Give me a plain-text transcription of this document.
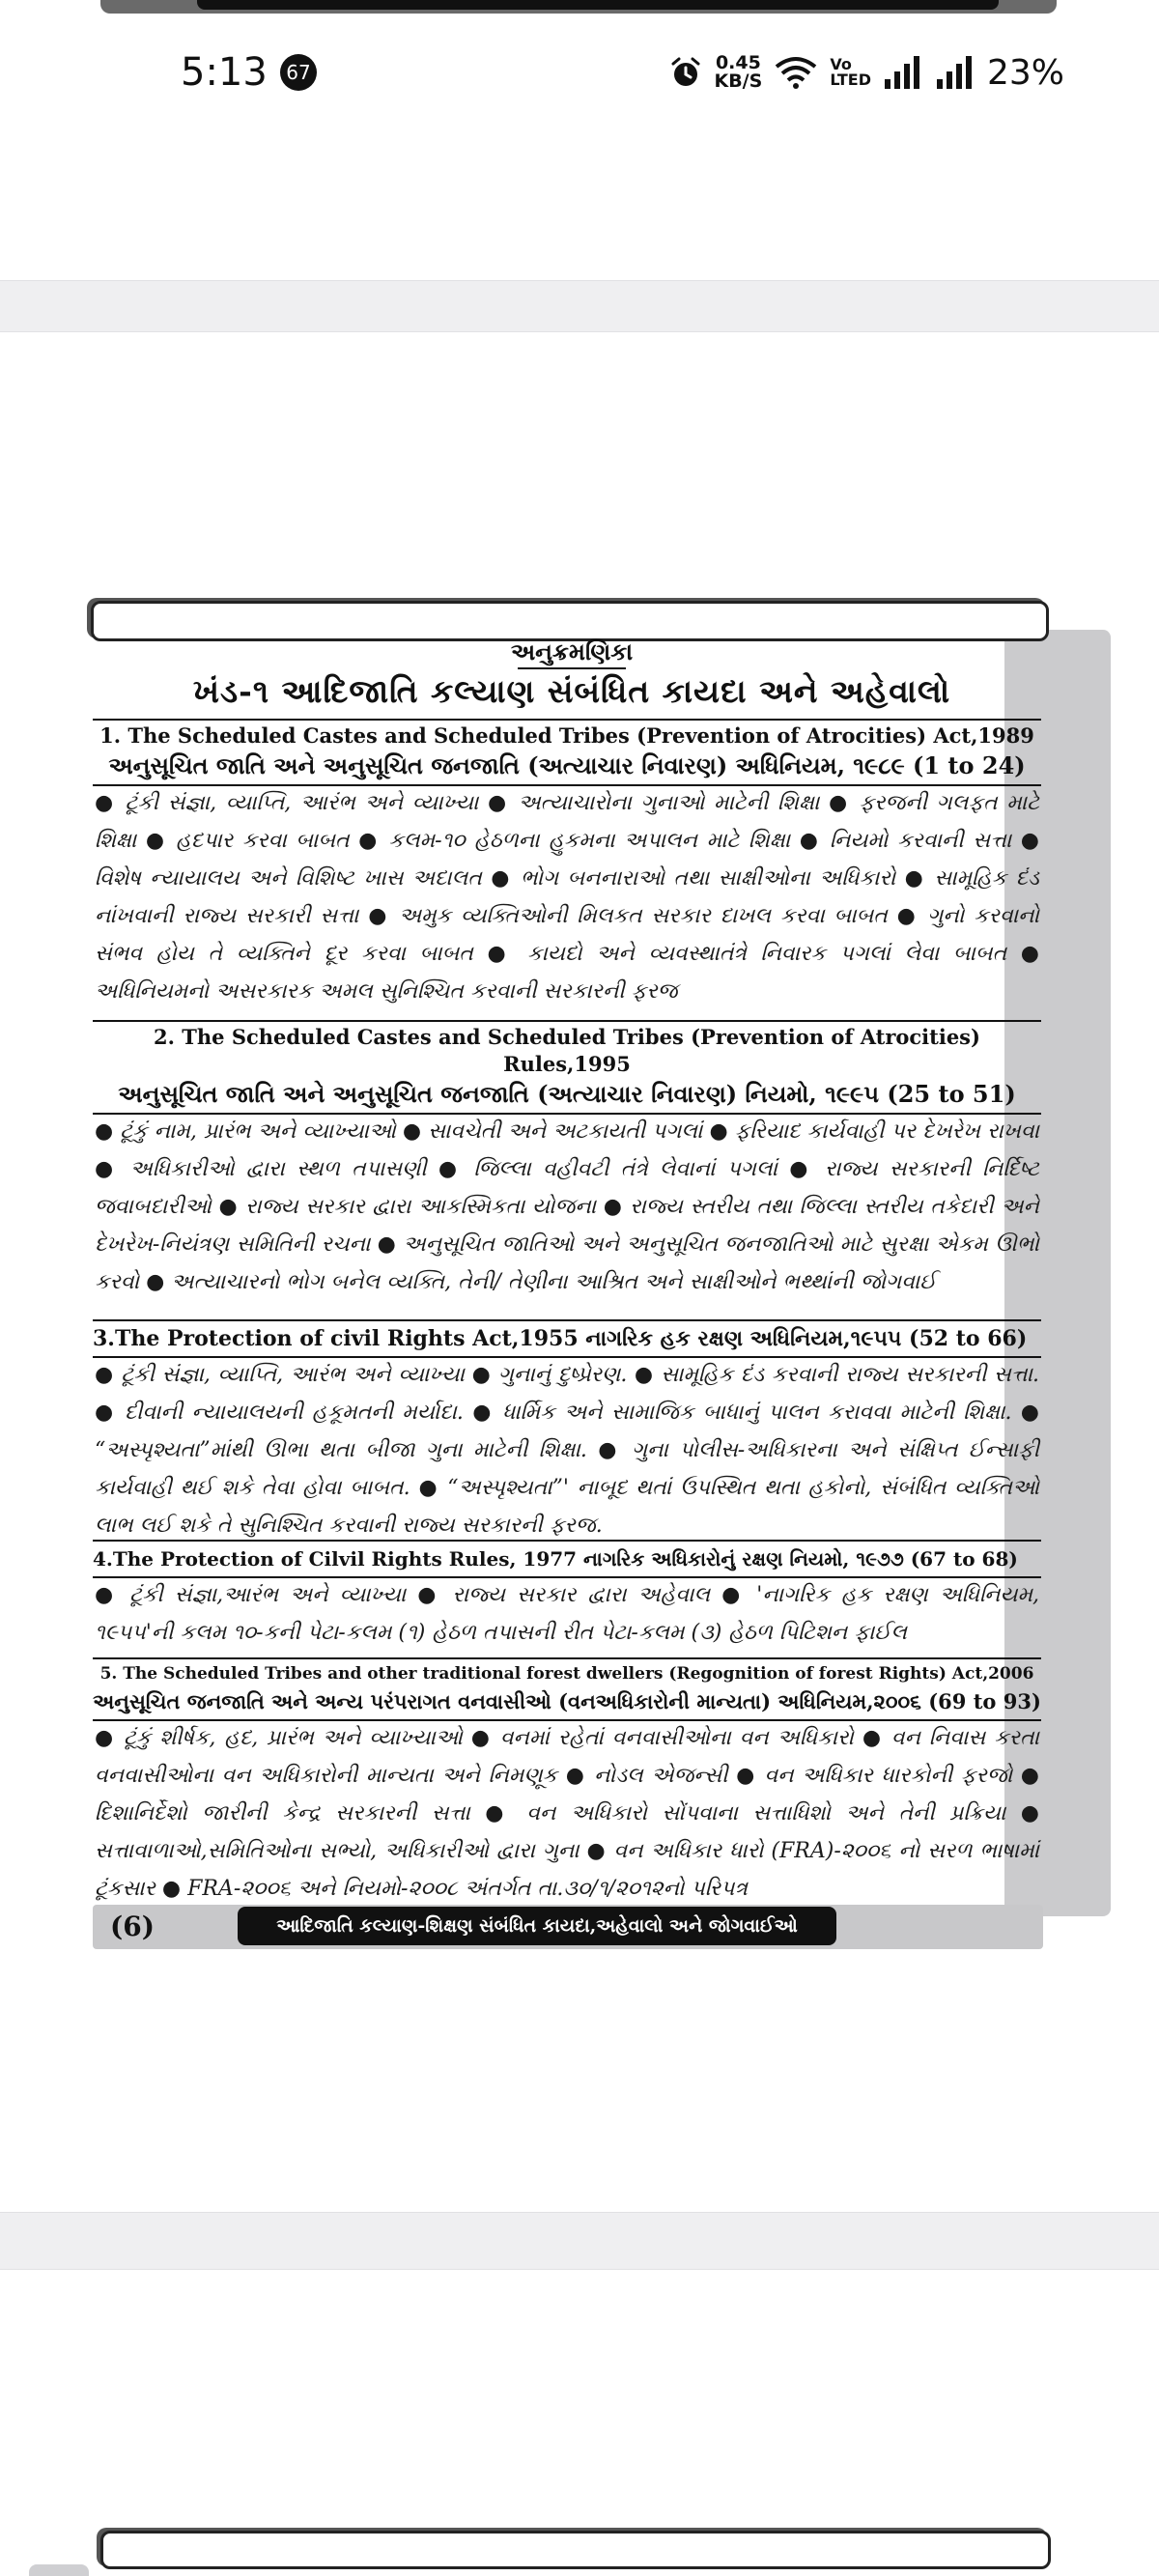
5:13 67	0.45
KB/S
Vo
LTED	23%
અનુક્રમણિકા
ખંડ-૧ આદિજાતિ કલ્યાણ સંબંધિત કાયદા અને અહેવાલો
1. The Scheduled Castes and Scheduled Tribes (Prevention of Atrocities) Act,1989
અનુસૂચિત જાતિ અને અનુસૂચિત જનજાતિ (અત્યાચાર નિવારણ) અધિનિયમ, ૧૯૮૯ (1 to 24)
● ટૂંકી સંજ્ઞા, વ્યાપ્તિ, આરંભ અને વ્યાખ્યા ● અત્યાચારોના ગુનાઓ માટેની શિક્ષા ● ફરજની ગલફત માટે શિક્ષા ● હદપાર કરવા બાબત ● કલમ-૧૦ હેઠળના હુકમના અપાલન માટે શિક્ષા ● નિયમો કરવાની સત્તા ● વિશેષ ન્યાયાલય અને વિશિષ્ટ ખાસ અદાલત ● ભોગ બનનારાઓ તથા સાક્ષીઓના અધિકારો ● સામૂહિક દંડ નાંખવાની રાજ્ય સરકારી સત્તા ● અમુક વ્યક્તિઓની મિલકત સરકાર દાખલ કરવા બાબત ● ગુનો કરવાનો સંભવ હોય તે વ્યક્તિને દૂર કરવા બાબત ● કાયદો અને વ્યવસ્થાતંત્રે નિવારક પગલાં લેવા બાબત ● અધિનિયમનો અસરકારક અમલ સુનિશ્ચિત કરવાની સરકારની ફરજ
2. The Scheduled Castes and Scheduled Tribes (Prevention of Atrocities) Rules,1995
અનુસૂચિત જાતિ અને અનુસૂચિત જનજાતિ (અત્યાચાર નિવારણ) નિયમો, ૧૯૯૫ (25 to 51)
● ટૂંકું નામ, પ્રારંભ અને વ્યાખ્યાઓ ● સાવચેતી અને અટકાયતી પગલાં ● ફરિયાદ કાર્યવાહી પર દેખરેખ રાખવા ● અધિકારીઓ દ્વારા સ્થળ તપાસણી ● જિલ્લા વહીવટી તંત્રે લેવાનાં પગલાં ● રાજ્ય સરકારની નિર્દિષ્ટ જવાબદારીઓ ● રાજ્ય સરકાર દ્વારા આકસ્મિકતા યોજના ● રાજ્ય સ્તરીય તથા જિલ્લા સ્તરીય તકેદારી અને દેખરેખ-નિયંત્રણ સમિતિની રચના ● અનુસૂચિત જાતિઓ અને અનુસૂચિત જનજાતિઓ માટે સુરક્ષા એકમ ઊભો કરવો ● અત્યાચારનો ભોગ બનેલ વ્યક્તિ, તેની/ તેણીના આશ્રિત અને સાક્ષીઓને ભથ્થાંની જોગવાઈ
3.The Protection of civil Rights Act,1955 નાગરિક હક રક્ષણ અધિનિયમ,૧૯૫૫ (52 to 66)
● ટૂંકી સંજ્ઞા, વ્યાપ્તિ, આરંભ અને વ્યાખ્યા ● ગુનાનું દુષ્પ્રેરણ. ● સામૂહિક દંડ કરવાની રાજ્ય સરકારની સત્તા. ● દીવાની ન્યાયાલયની હકૂમતની મર્યાદા. ● ધાર્મિક અને સામાજિક બાધાનું પાલન કરાવવા માટેની શિક્ષા. ● “અસ્પૃશ્યતા”માંથી ઊભા થતા બીજા ગુના માટેની શિક્ષા. ● ગુના પોલીસ-અધિકારના અને સંક્ષિપ્ત ઈન્સાફી કાર્યવાહી થઈ શકે તેવા હોવા બાબત. ● “અસ્પૃશ્યતા”' નાબૂદ થતાં ઉપસ્થિત થતા હકોનો, સંબંધિત વ્યક્તિઓ લાભ લઈ શકે તે સુનિશ્ચિત કરવાની રાજ્ય સરકારની ફરજ.
4.The Protection of Cilvil Rights Rules, 1977 નાગરિક અધિકારોનું રક્ષણ નિયમો, ૧૯૭૭ (67 to 68)
● ટૂંકી સંજ્ઞા,આરંભ અને વ્યાખ્યા ● રાજ્ય સરકાર દ્વારા અહેવાલ ● 'નાગરિક હક રક્ષણ અધિનિયમ, ૧૯૫૫'ની કલમ ૧૦-કની પેટા-કલમ (૧) હેઠળ તપાસની રીત પેટા-કલમ (૩) હેઠળ પિટિશન ફાઈલ
5. The Scheduled Tribes and other traditional forest dwellers (Regognition of forest Rights) Act,2006
અનુસૂચિત જનજાતિ અને અન્ય પરંપરાગત વનવાસીઓ (વનઅધિકારોની માન્યતા) અધિનિયમ,૨૦૦૬ (69 to 93)
● ટૂંકું શીર્ષક, હદ, પ્રારંભ અને વ્યાખ્યાઓ ● વનમાં રહેતાં વનવાસીઓના વન અધિકારો ● વન નિવાસ કરતા વનવાસીઓના વન અધિકારોની માન્યતા અને નિમણૂક ● નોડલ એજન્સી ● વન અધિકાર ધારકોની ફરજો ● દિશાનિર્દેશો જારીની કેન્દ્ર સરકારની સત્તા ● વન અધિકારો સોંપવાના સત્તાધિશો અને તેની પ્રક્રિયા ● સત્તાવાળાઓ,સમિતિઓના સભ્યો, અધિકારીઓ દ્વારા ગુના ● વન અધિકાર ધારો (FRA)-૨૦૦૬ નો સરળ ભાષામાં ટૂંકસાર ● FRA-૨૦૦૬ અને નિયમો-૨૦૦૮ અંતર્ગત તા.૩૦/૧/૨૦૧૨નો પરિપત્ર
(6)	આદિજાતિ કલ્યાણ-શિક્ષણ સંબંધિત કાયદા,અહેવાલો અને જોગવાઈઓ
